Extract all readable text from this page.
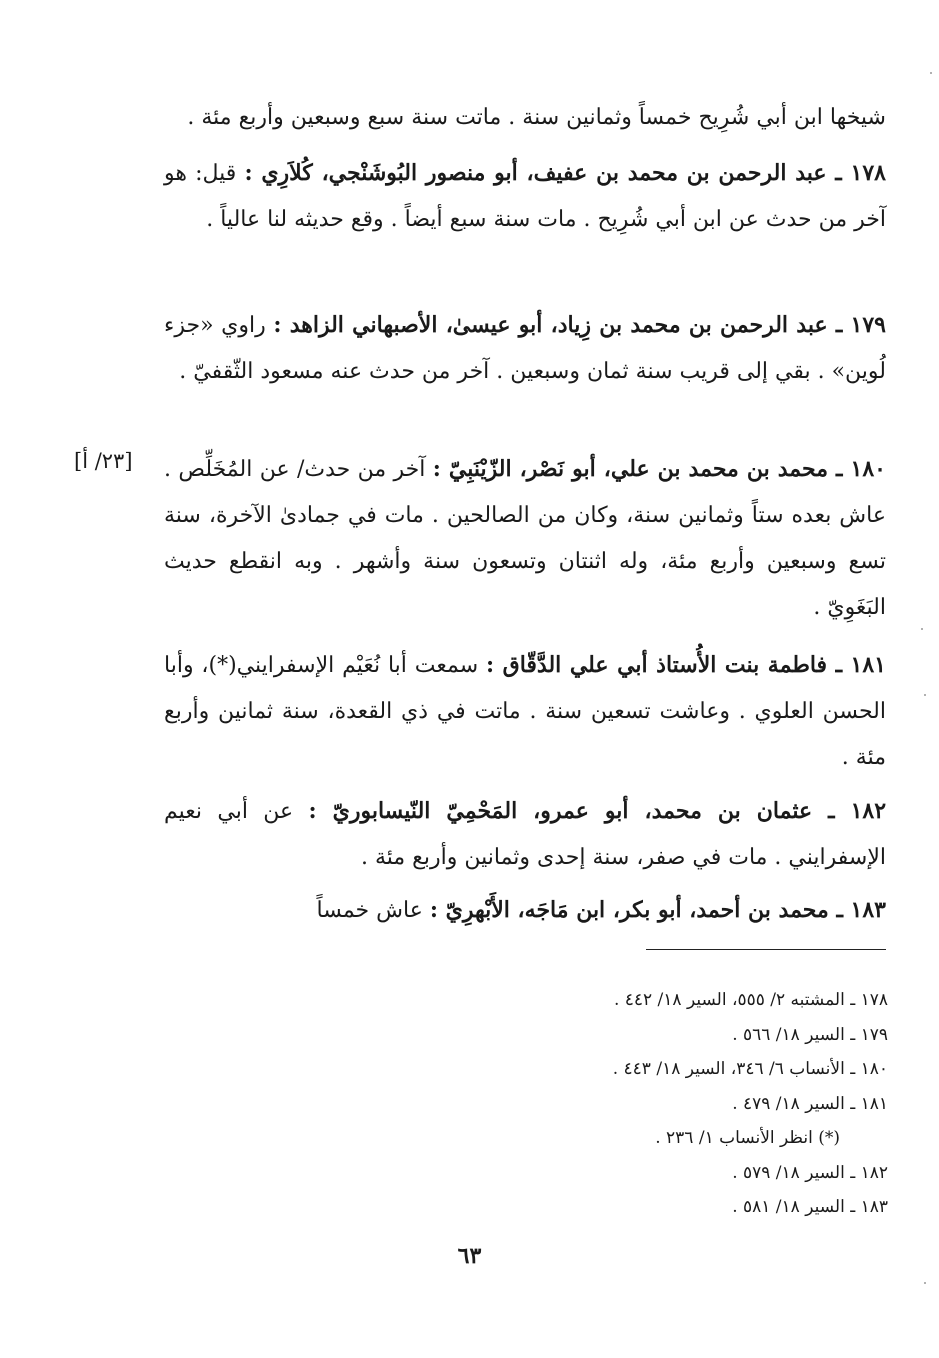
شيخها ابن أبي شُرِيح خمساً وثمانين سنة . ماتت سنة سبع وسبعين وأربع مئة .

١٧٨ ـ عبد الرحمن بن محمد بن عفيف، أبو منصور البُوشَنْجي، كُلاَرِي : قيل: هو آخر من حدث عن ابن أبي شُرِيح . مات سنة سبع أيضاً . وقع حديثه لنا عالياً .

١٧٩ ـ عبد الرحمن بن محمد بن زِياد، أبو عيسىٰ، الأصبهاني الزاهد : راوي «جزء لُوين» . بقي إلى قريب سنة ثمان وسبعين . آخر من حدث عنه مسعود الثّقفيّ .

[٢٣/ أ]	١٨٠ ـ محمد بن محمد بن علي، أبو نَصْر، الزّيْنَبِيّ : آخر من حدث/ عن المُخَلِّص . عاش بعده ستاً وثمانين سنة، وكان من الصالحين . مات في جمادىٰ الآخرة، سنة تسع وسبعين وأربع مئة، وله اثنتان وتسعون سنة وأشهر . وبه انقطع حديث البَغَوِيّ .

١٨١ ـ فاطمة بنت الأُستاذ أبي علي الدَّقّاق : سمعت أبا نُعَيْم الإسفرايني(*)، وأبا الحسن العلوي . وعاشت تسعين سنة . ماتت في ذي القعدة، سنة ثمانين وأربع مئة .

١٨٢ ـ عثمان بن محمد، أبو عمرو، المَحْمِيّ النّيسابوريّ : عن أبي نعيم الإسفرايني . مات في صفر، سنة إحدى وثمانين وأربع مئة .

١٨٣ ـ محمد بن أحمد، أبو بكر، ابن مَاجَه، الأَبْهرِيّ : عاش خمساً

١٧٨ ـ المشتبه ٢/ ٥٥٥، السير ١٨/ ٤٤٢ .
١٧٩ ـ السير ١٨/ ٥٦٦ .
١٨٠ ـ الأنساب ٦/ ٣٤٦، السير ١٨/ ٤٤٣ .
١٨١ ـ السير ١٨/ ٤٧٩ .
(*) انظر الأنساب ١/ ٢٣٦ .
١٨٢ ـ السير ١٨/ ٥٧٩ .
١٨٣ ـ السير ١٨/ ٥٨١ .
٦٣
